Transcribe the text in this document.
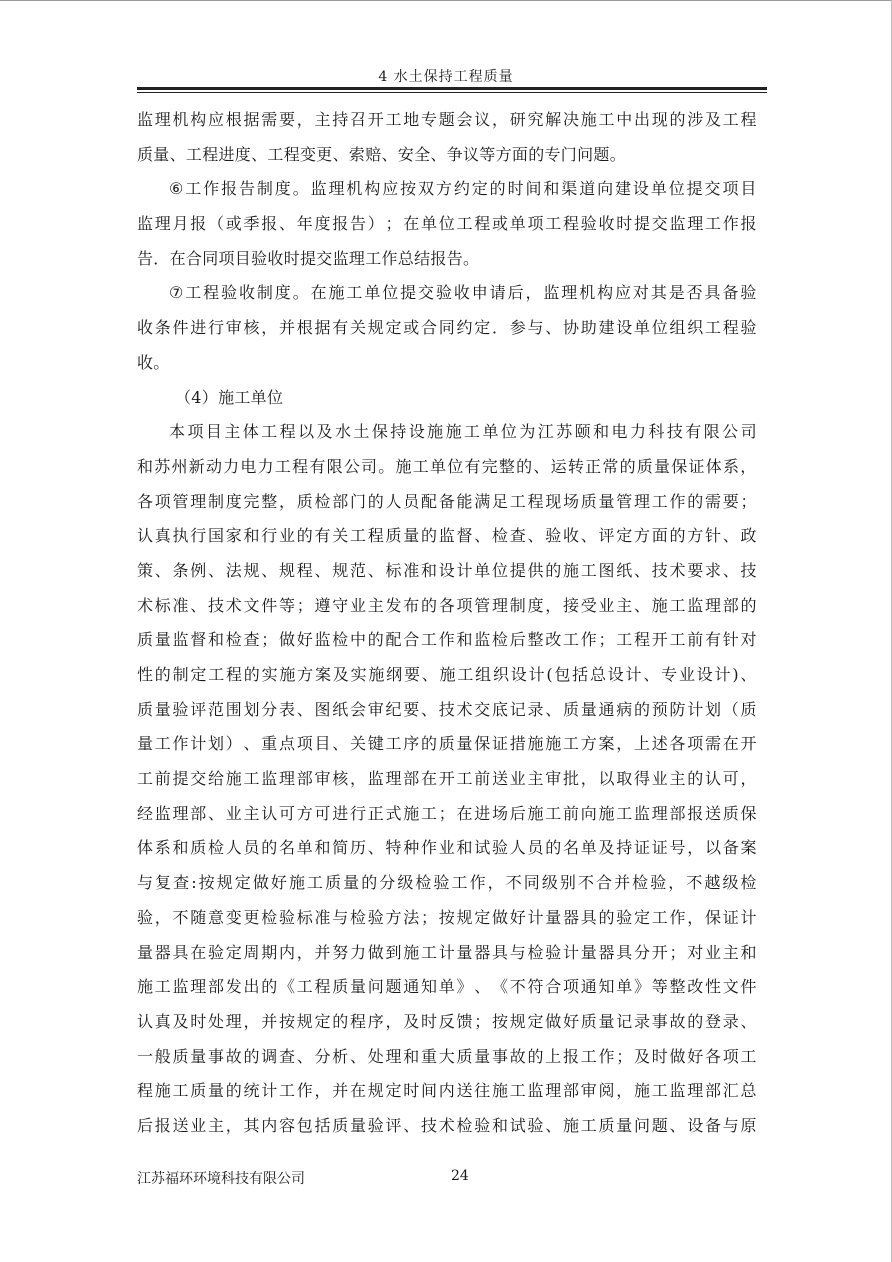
4 水土保持工程质量
监 理 机 构 应 根 据 需 要 ， 主 持 召 开 工 地 专 题 会 议 ， 研 究 解 决 施 工 中 出 现 的 涉 及 工 程
质量、工程进度、工程变更、索赔、安全、争议等方面的专门问题。
⑥ 工 作 报 告 制 度 。 监 理 机 构 应 按 双 方 约 定 的 时 间 和 渠 道 向 建 设 单 位 提 交 项 目
监 理 月 报 （ 或 季 报 、 年 度 报 告 ） ； 在 单 位 工 程 或 单 项 工 程 验 收 时 提 交 监 理 工 作 报
告．在合同项目验收时提交监理工作总结报告。
⑦ 工 程 验 收 制 度 。 在 施 工 单 位 提 交 验 收 申 请 后 ， 监 理 机 构 应 对 其 是 否 具 备 验
收 条 件 进 行 审 核 ， 并 根 据 有 关 规 定 或 合 同 约 定 ． 参 与 、 协 助 建 设 单 位 组 织 工 程 验
收。
（4）施工单位
本 项 目 主 体 工 程 以 及 水 土 保 持 设 施 施 工 单 位 为 江 苏 颐 和 电 力 科 技 有 限 公 司
和 苏 州 新 动 力 电 力 工 程 有 限 公 司 。 施 工 单 位 有 完 整 的 、 运 转 正 常 的 质 量 保 证 体 系 ，
各 项 管 理 制 度 完 整 ， 质 检 部 门 的 人 员 配 备 能 满 足 工 程 现 场 质 量 管 理 工 作 的 需 要 ；
认 真 执 行 国 家 和 行 业 的 有 关 工 程 质 量 的 监 督 、 检 查 、 验 收 、 评 定 方 面 的 方 针 、 政
策 、 条 例 、 法 规 、 规 程 、 规 范 、 标 准 和 设 计 单 位 提 供 的 施 工 图 纸 、 技 术 要 求 、 技
术 标 准 、 技 术 文 件 等 ； 遵 守 业 主 发 布 的 各 项 管 理 制 度 ， 接 受 业 主 、 施 工 监 理 部 的
质 量 监 督 和 检 查 ； 做 好 监 检 中 的 配 合 工 作 和 监 检 后 整 改 工 作 ； 工 程 开 工 前 有 针 对
性 的 制 定 工 程 的 实 施 方 案 及 实 施 纲 要 、 施 工 组 织 设 计 ( 包 括 总 设 计 、 专 业 设 计 ) 、
质 量 验 评 范 围 划 分 表 、 图 纸 会 审 纪 要 、 技 术 交 底 记 录 、 质 量 通 病 的 预 防 计 划 （ 质
量 工 作 计 划 ） 、 重 点 项 目 、 关 键 工 序 的 质 量 保 证 措 施 施 工 方 案 ， 上 述 各 项 需 在 开
工 前 提 交 给 施 工 监 理 部 审 核 ， 监 理 部 在 开 工 前 送 业 主 审 批 ， 以 取 得 业 主 的 认 可 ，
经 监 理 部 、 业 主 认 可 方 可 进 行 正 式 施 工 ； 在 进 场 后 施 工 前 向 施 工 监 理 部 报 送 质 保
体 系 和 质 检 人 员 的 名 单 和 简 历 、 特 种 作 业 和 试 验 人 员 的 名 单 及 持 证 证 号 ， 以 备 案
与 复 查 : 按 规 定 做 好 施 工 质 量 的 分 级 检 验 工 作 ， 不 同 级 别 不 合 并 检 验 ， 不 越 级 检
验 ， 不 随 意 变 更 检 验 标 准 与 检 验 方 法 ； 按 规 定 做 好 计 量 器 具 的 验 定 工 作 ， 保 证 计
量 器 具 在 验 定 周 期 内 ， 并 努 力 做 到 施 工 计 量 器 具 与 检 验 计 量 器 具 分 开 ； 对 业 主 和
施 工 监 理 部 发 出 的 《 工 程 质 量 问 题 通 知 单 》 、 《 不 符 合 项 通 知 单 》 等 整 改 性 文 件
认 真 及 时 处 理 ， 并 按 规 定 的 程 序 ， 及 时 反 馈 ； 按 规 定 做 好 质 量 记 录 事 故 的 登 录 、
一 般 质 量 事 故 的 调 查 、 分 析 、 处 理 和 重 大 质 量 事 故 的 上 报 工 作 ； 及 时 做 好 各 项 工
程 施 工 质 量 的 统 计 工 作 ， 并 在 规 定 时 间 内 送 往 施 工 监 理 部 审 阅 ， 施 工 监 理 部 汇 总
后 报 送 业 主 ， 其 内 容 包 括 质 量 验 评 、 技 术 检 验 和 试 验 、 施 工 质 量 问 题 、 设 备 与 原
江苏福环环境科技有限公司	24
